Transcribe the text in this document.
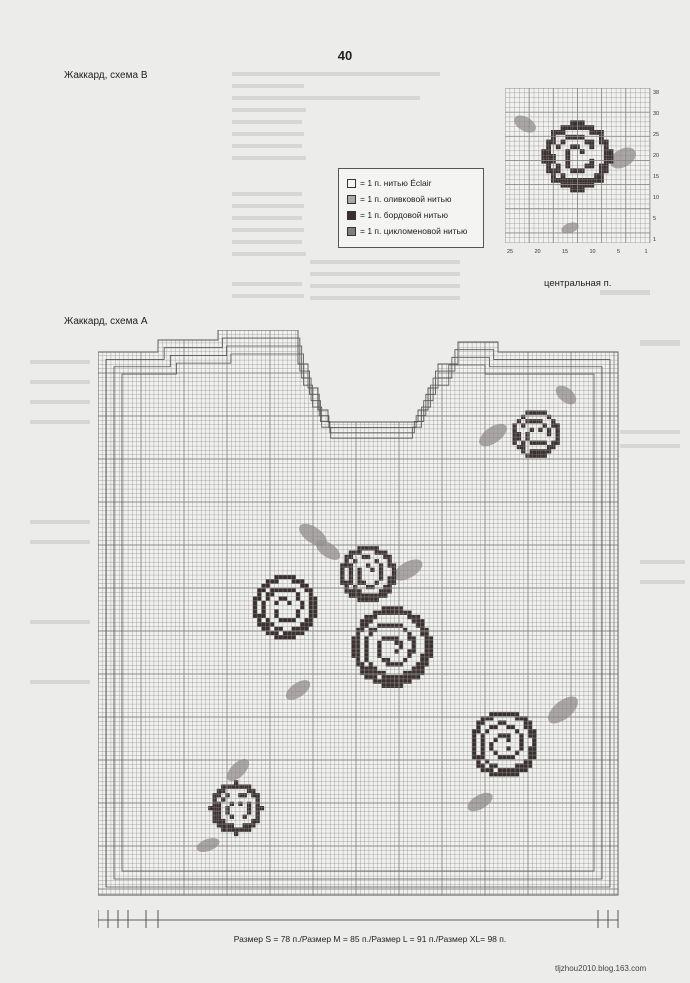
40
Жаккард, схема В
= 1 п. нитью Éclair
= 1 п. оливковой нитью
= 1 п. бордовой нитью
= 1 п. цикломеновой нитью
25	20	15	10	5	1
38
30
25
20
15
10
5
1
центральная п.
Жаккард, схема А
Размер S = 78 п./Размер M = 85 п./Размер L = 91 п./Размер XL= 98 п.
tljzhou2010.blog.163.com
